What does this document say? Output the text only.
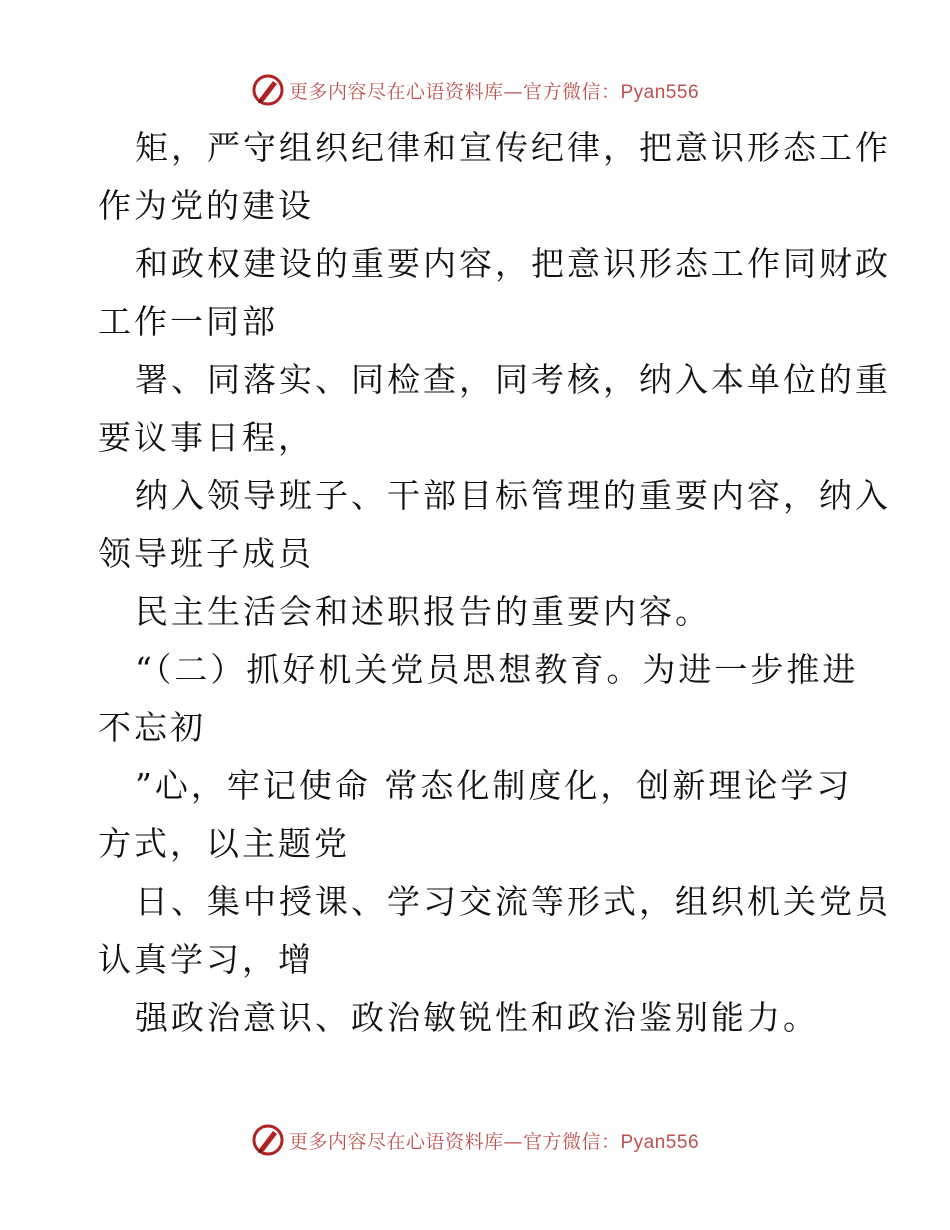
更多内容尽在心语资料库—官方微信：Pyan556

矩，严守组织纪律和宣传纪律，把意识形态工作
作为党的建设

和政权建设的重要内容，把意识形态工作同财政
工作一同部

署、同落实、同检查，同考核，纳入本单位的重
要议事日程，

纳入领导班子、干部目标管理的重要内容，纳入
领导班子成员

民主生活会和述职报告的重要内容。

“（二）抓好机关党员思想教育。为进一步推进
不忘初

”心，牢记使命 常态化制度化，创新理论学习
方式，以主题党

日、集中授课、学习交流等形式，组织机关党员
认真学习，增

强政治意识、政治敏锐性和政治鉴别能力。

更多内容尽在心语资料库—官方微信：Pyan556
